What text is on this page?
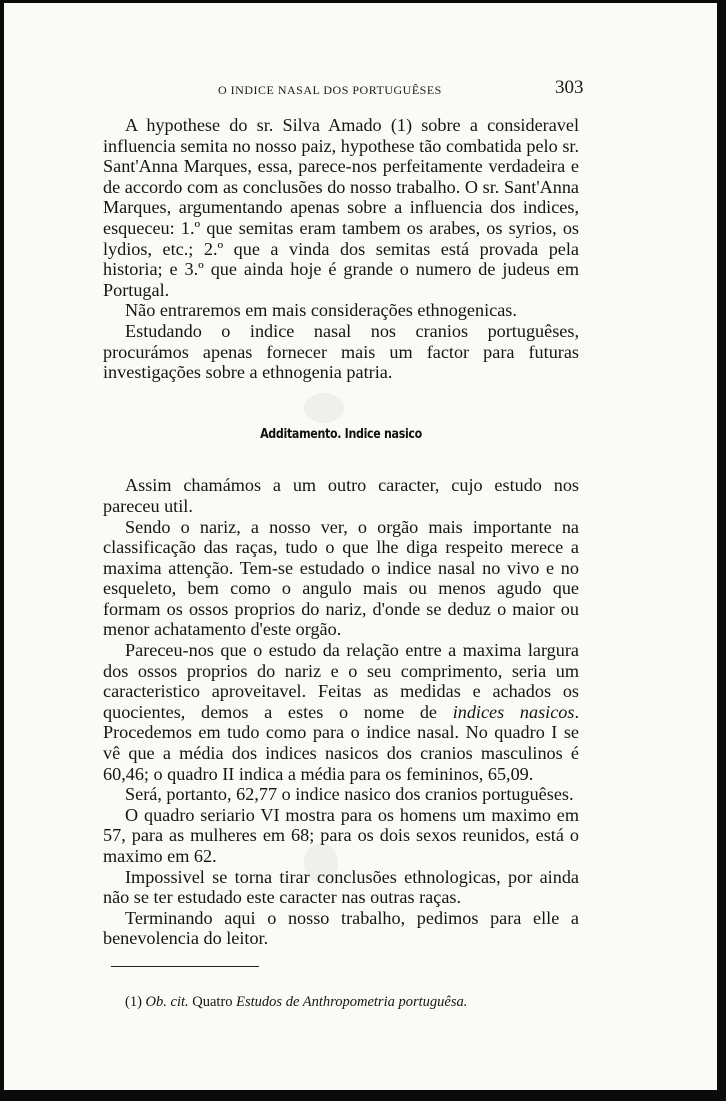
O INDICE NASAL DOS PORTUGUÊSES	303

A hypothese do sr. Silva Amado (1) sobre a consideravel influencia semita no nosso paiz, hypothese tão combatida pelo sr. Sant'Anna Marques, essa, parece-nos perfeitamente verdadeira e de accordo com as conclusões do nosso trabalho. O sr. Sant'Anna Marques, argumentando apenas sobre a influencia dos indices, esqueceu: 1.º que semitas eram tambem os arabes, os syrios, os lydios, etc.; 2.º que a vinda dos semitas está provada pela historia; e 3.º que ainda hoje é grande o numero de judeus em Portugal.

Não entraremos em mais considerações ethnogenicas.

Estudando o indice nasal nos cranios portuguêses, procurámos apenas fornecer mais um factor para futuras investigações sobre a ethnogenia patria.

Additamento. Indice nasico

Assim chamámos a um outro caracter, cujo estudo nos pareceu util.

Sendo o nariz, a nosso ver, o orgão mais importante na classificação das raças, tudo o que lhe diga respeito merece a maxima attenção. Tem-se estudado o indice nasal no vivo e no esqueleto, bem como o angulo mais ou menos agudo que formam os ossos proprios do nariz, d'onde se deduz o maior ou menor achatamento d'este orgão.

Pareceu-nos que o estudo da relação entre a maxima largura dos ossos proprios do nariz e o seu comprimento, seria um caracteristico aproveitavel. Feitas as medidas e achados os quocientes, demos a estes o nome de indices nasicos. Procedemos em tudo como para o indice nasal. No quadro I se vê que a média dos indices nasicos dos cranios masculinos é 60,46; o quadro II indica a média para os femininos, 65,09.

Será, portanto, 62,77 o indice nasico dos cranios portuguêses.

O quadro seriario VI mostra para os homens um maximo em 57, para as mulheres em 68; para os dois sexos reunidos, está o maximo em 62.

Impossivel se torna tirar conclusões ethnologicas, por ainda não se ter estudado este caracter nas outras raças.

Terminando aqui o nosso trabalho, pedimos para elle a benevolencia do leitor.

(1) Ob. cit. Quatro Estudos de Anthropometria portuguêsa.
